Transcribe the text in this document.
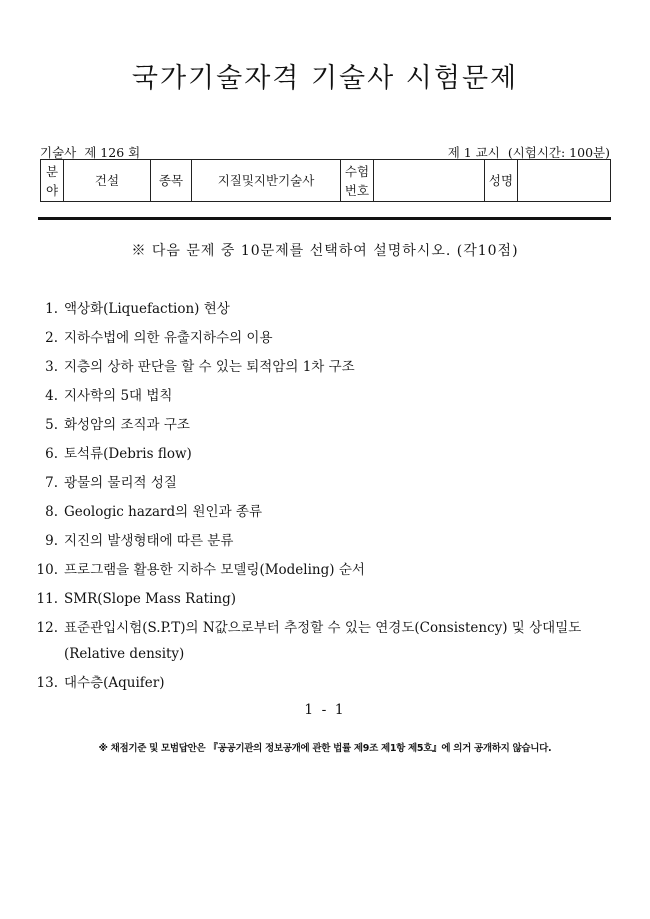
국가기술자격 기술사 시험문제
기술사 제 126 회	제 1 교시 (시험시간: 100분)
분야	건설	종목	지질및지반기술사	수험번호		성명	
※ 다음 문제 중 10문제를 선택하여 설명하시오. (각10점)
1. 액상화(Liquefaction) 현상
2. 지하수법에 의한 유출지하수의 이용
3. 지층의 상하 판단을 할 수 있는 퇴적암의 1차 구조
4. 지사학의 5대 법칙
5. 화성암의 조직과 구조
6. 토석류(Debris flow)
7. 광물의 물리적 성질
8. Geologic hazard의 원인과 종류
9. 지진의 발생형태에 따른 분류
10. 프로그램을 활용한 지하수 모델링(Modeling) 순서
11. SMR(Slope Mass Rating)
12. 표준관입시험(S.P.T)의 N값으로부터 추정할 수 있는 연경도(Consistency) 및 상대밀도(Relative density)
13. 대수층(Aquifer)
1 - 1
※ 채점기준 및 모범답안은 『공공기관의 정보공개에 관한 법률 제9조 제1항 제5호』에 의거 공개하지 않습니다.
